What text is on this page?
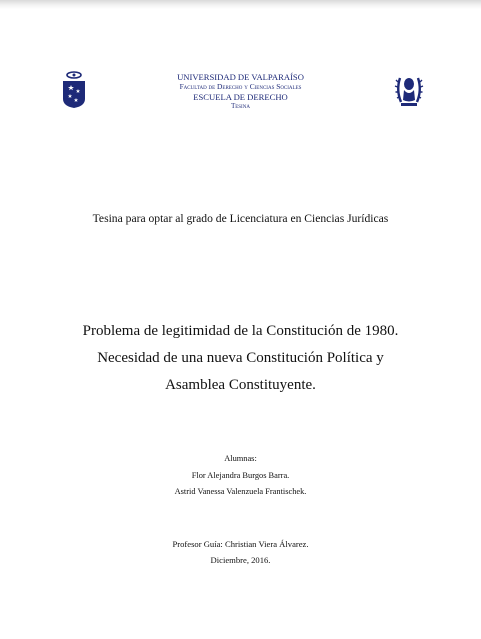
UNIVERSIDAD DE VALPARAÍSO
Facultad de Derecho y Ciencias Sociales
ESCUELA DE DERECHO
Tesina
Tesina para optar al grado de Licenciatura en Ciencias Jurídicas
Problema de legitimidad de la Constitución de 1980.
Necesidad de una nueva Constitución Política y
Asamblea Constituyente.
Alumnas:
Flor Alejandra Burgos Barra.
Astrid Vanessa Valenzuela Frantischek.
Profesor Guía: Christian Viera Álvarez.
Diciembre, 2016.
